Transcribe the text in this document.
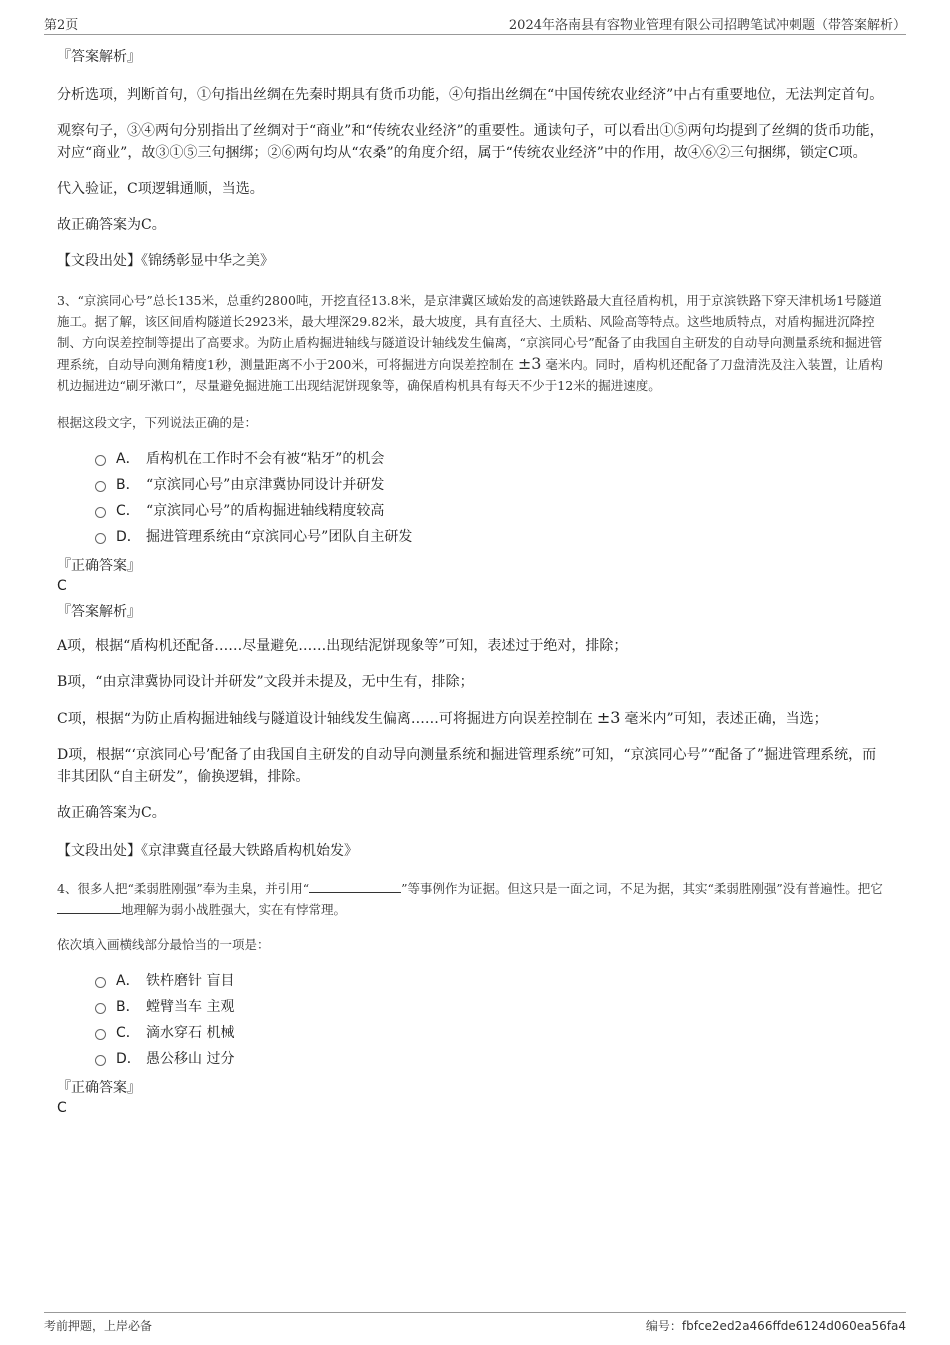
第2页	2024年洛南县有容物业管理有限公司招聘笔试冲刺题（带答案解析）

『答案解析』

分析选项，判断首句，①句指出丝绸在先秦时期具有货币功能，④句指出丝绸在“中国传统农业经济”中占有重要地位，无法判定首句。

观察句子，③④两句分别指出了丝绸对于“商业”和“传统农业经济”的重要性。通读句子，可以看出①⑤两句均提到了丝绸的货币功能，对应“商业”，故③①⑤三句捆绑；②⑥两句均从“农桑”的角度介绍，属于“传统农业经济”中的作用，故④⑥②三句捆绑，锁定C项。

代入验证，C项逻辑通顺，当选。

故正确答案为C。

【文段出处】《锦绣彰显中华之美》

3、“京滨同心号”总长135米，总重约2800吨，开挖直径13.8米，是京津冀区域始发的高速铁路最大直径盾构机，用于京滨铁路下穿天津机场1号隧道施工。据了解，该区间盾构隧道长2923米，最大埋深29.82米，最大坡度，具有直径大、土质粘、风险高等特点。这些地质特点，对盾构掘进沉降控制、方向误差控制等提出了高要求。为防止盾构掘进轴线与隧道设计轴线发生偏离，“京滨同心号”配备了由我国自主研发的自动导向测量系统和掘进管理系统，自动导向测角精度1秒，测量距离不小于200米，可将掘进方向误差控制在 ±3 毫米内。同时，盾构机还配备了刀盘清洗及注入装置，让盾构机边掘进边“刷牙漱口”，尽量避免掘进施工出现结泥饼现象等，确保盾构机具有每天不少于12米的掘进速度。

根据这段文字，下列说法正确的是：

A． 盾构机在工作时不会有被“粘牙”的机会
B． “京滨同心号”由京津冀协同设计并研发
C． “京滨同心号”的盾构掘进轴线精度较高
D． 掘进管理系统由“京滨同心号”团队自主研发

『正确答案』

C

『答案解析』

A项，根据“盾构机还配备……尽量避免……出现结泥饼现象等”可知，表述过于绝对，排除；

B项，“由京津冀协同设计并研发”文段并未提及，无中生有，排除；

C项，根据“为防止盾构掘进轴线与隧道设计轴线发生偏离……可将掘进方向误差控制在 ±3 毫米内”可知，表述正确，当选；

D项，根据“‘京滨同心号’配备了由我国自主研发的自动导向测量系统和掘进管理系统”可知，“京滨同心号”“配备了”掘进管理系统，而非其团队“自主研发”，偷换逻辑，排除。

故正确答案为C。

【文段出处】《京津冀直径最大铁路盾构机始发》

4、很多人把“柔弱胜刚强”奉为圭臬，并引用“	”等事例作为证据。但这只是一面之词，不足为据，其实“柔弱胜刚强”没有普遍性。把它地理解为弱小战胜强大，实在有悖常理。

依次填入画横线部分最恰当的一项是：

A． 铁杵磨针 盲目
B． 螳臂当车 主观
C． 滴水穿石 机械
D． 愚公移山 过分

『正确答案』

C

考前押题，上岸必备	编号：fbfce2ed2a466ffde6124d060ea56fa4
